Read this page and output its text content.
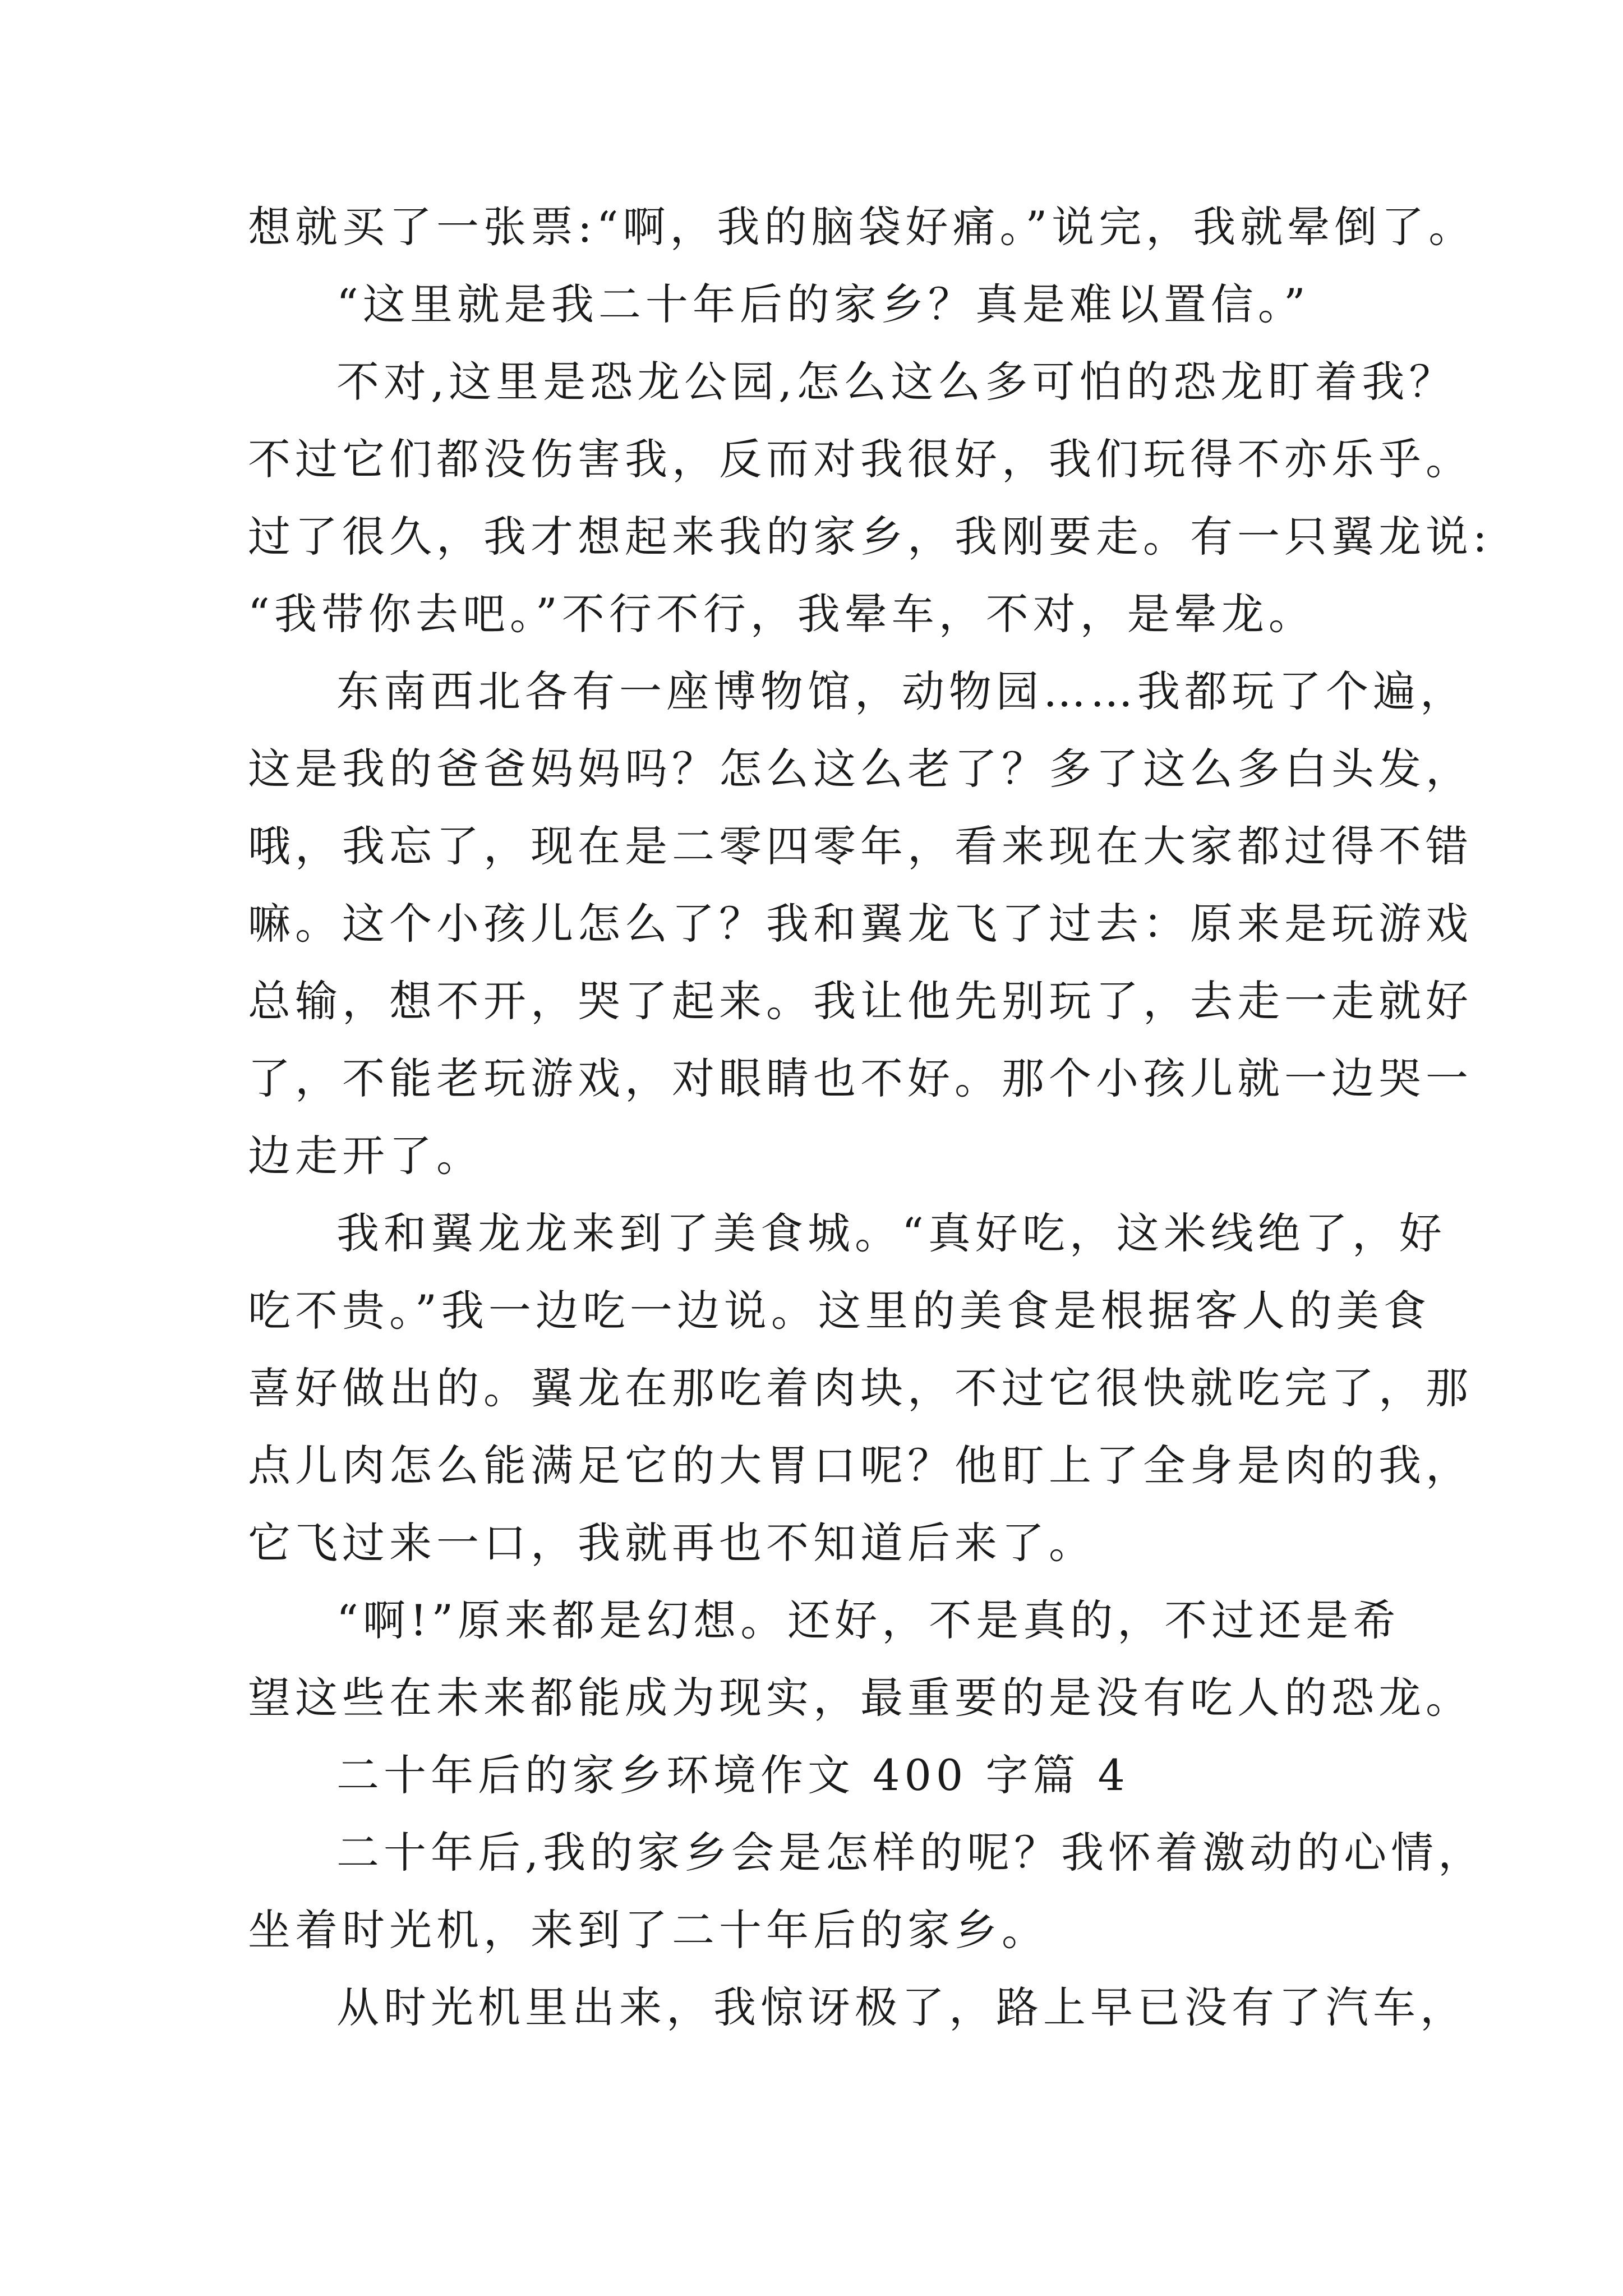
想就买了一张票:“啊，我的脑袋好痛。”说完，我就晕倒了。
“这里就是我二十年后的家乡？真是难以置信。”
不对,这里是恐龙公园,怎么这么多可怕的恐龙盯着我？
不过它们都没伤害我，反而对我很好，我们玩得不亦乐乎。
过了很久，我才想起来我的家乡，我刚要走。有一只翼龙说:
“我带你去吧。”不行不行，我晕车，不对，是晕龙。
东南西北各有一座博物馆，动物园……我都玩了个遍，
这是我的爸爸妈妈吗？怎么这么老了？多了这么多白头发，
哦，我忘了，现在是二零四零年，看来现在大家都过得不错
嘛。这个小孩儿怎么了？我和翼龙飞了过去：原来是玩游戏
总输，想不开，哭了起来。我让他先别玩了，去走一走就好
了，不能老玩游戏，对眼睛也不好。那个小孩儿就一边哭一
边走开了。
我和翼龙龙来到了美食城。“真好吃，这米线绝了，好
吃不贵。”我一边吃一边说。这里的美食是根据客人的美食
喜好做出的。翼龙在那吃着肉块，不过它很快就吃完了，那
点儿肉怎么能满足它的大胃口呢？他盯上了全身是肉的我，
它飞过来一口，我就再也不知道后来了。
“啊!”原来都是幻想。还好，不是真的，不过还是希
望这些在未来都能成为现实，最重要的是没有吃人的恐龙。
二十年后的家乡环境作文 400 字篇 4
二十年后,我的家乡会是怎样的呢？我怀着激动的心情，
坐着时光机，来到了二十年后的家乡。
从时光机里出来，我惊讶极了，路上早已没有了汽车，
